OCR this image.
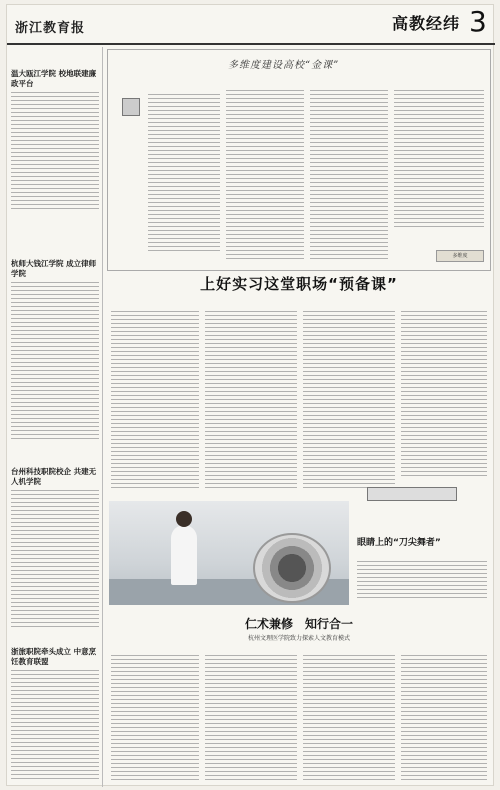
浙江教育报	高教经纬 3
温大瓯江学院 校地联建廉政平台
杭师大钱江学院 成立律师学院
台州科技职院校企 共建无人机学院
浙旅职院牵头成立 中意烹饪教育联盟
多维度建设高校“金课”
多维度
上好实习这堂职场“预备课”
眼睛上的“刀尖舞者”
仁术兼修　知行合一
杭州文理医学院致力探索人文教育模式
